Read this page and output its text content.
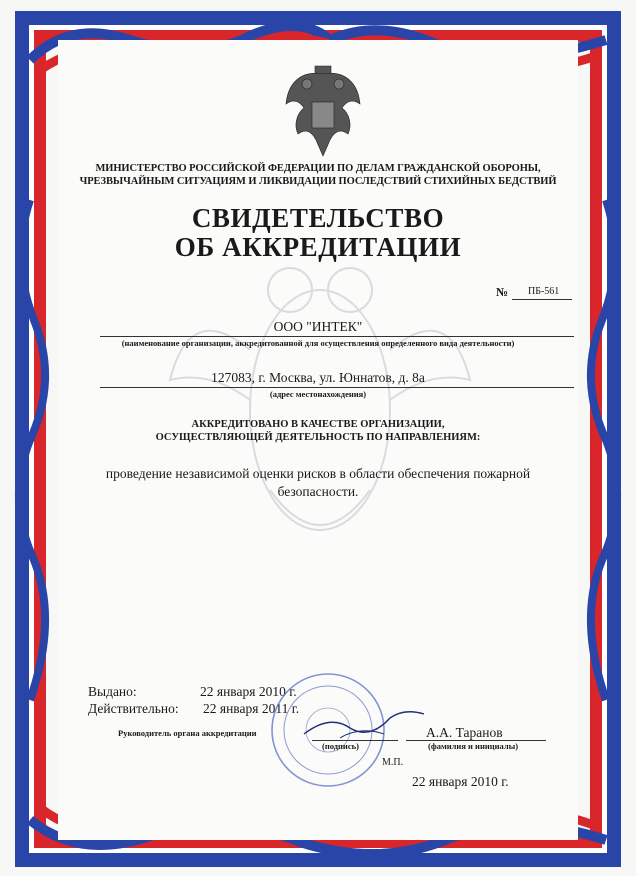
МИНИСТЕРСТВО РОССИЙСКОЙ ФЕДЕРАЦИИ ПО ДЕЛАМ ГРАЖДАНСКОЙ ОБОРОНЫ,
ЧРЕЗВЫЧАЙНЫМ СИТУАЦИЯМ И ЛИКВИДАЦИИ ПОСЛЕДСТВИЙ СТИХИЙНЫХ БЕДСТВИЙ
СВИДЕТЕЛЬСТВО
ОБ АККРЕДИТАЦИИ
№ ПБ-561
ООО "ИНТЕК"
(наименование организации, аккредитованной для осуществления определенного вида деятельности)
127083, г. Москва, ул. Юннатов, д. 8а
(адрес местонахождения)
АККРЕДИТОВАНО В КАЧЕСТВЕ ОРГАНИЗАЦИИ,
ОСУЩЕСТВЛЯЮЩЕЙ ДЕЯТЕЛЬНОСТЬ ПО НАПРАВЛЕНИЯМ:
проведение независимой оценки рисков в области обеспечения пожарной
безопасности.
Выдано:	22 января 2010 г.
Действительно: 22 января 2011 г.
Руководитель органа аккредитации	А.А. Таранов
(подпись)	(фамилия и инициалы)
М.П.
22 января 2010 г.
